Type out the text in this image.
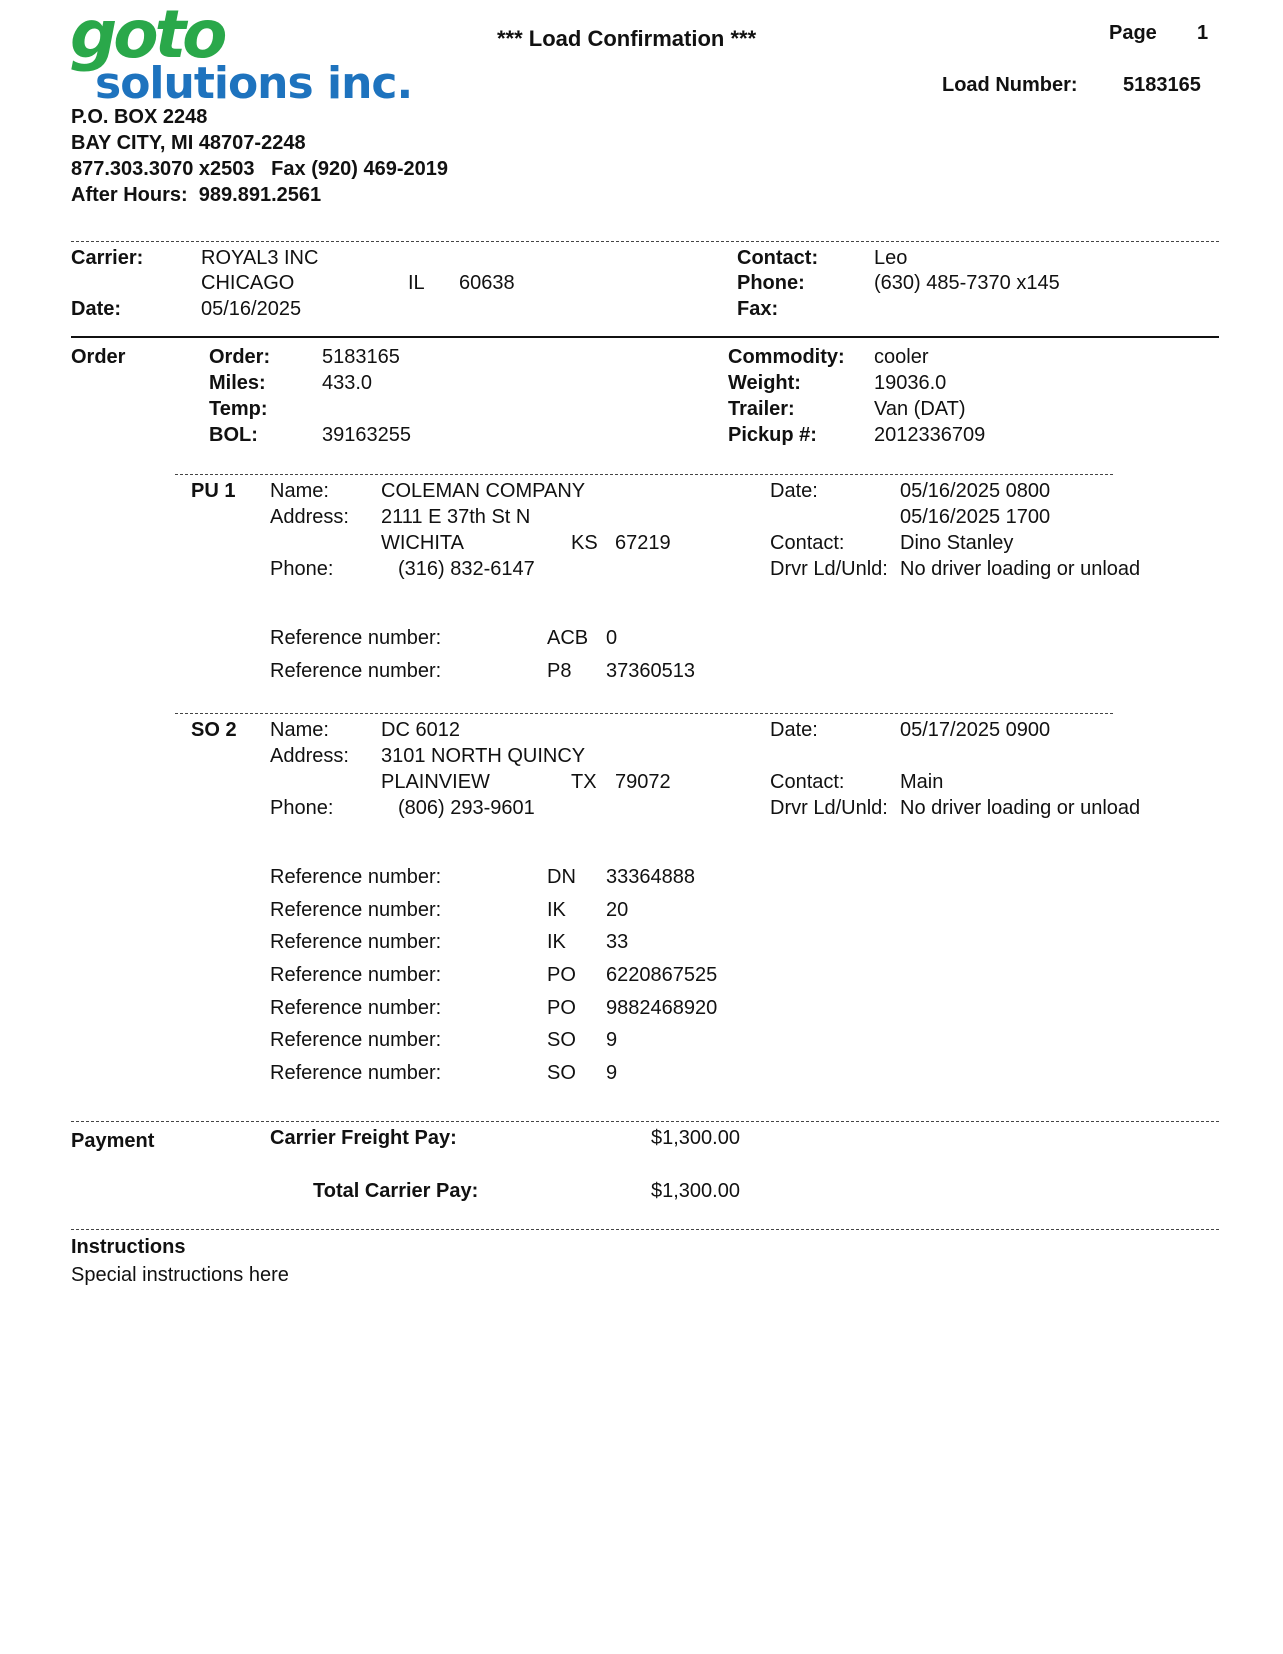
goto
solutions inc.
P.O. BOX 2248
BAY CITY, MI 48707-2248
877.303.3070 x2503   Fax (920) 469-2019
After Hours:  989.891.2561
*** Load Confirmation ***	Page 1
Load Number: 5183165
Carrier:	ROYAL3 INC
CHICAGO	IL 60638
Date:	05/16/2025
Contact:	Leo
Phone:	(630) 485-7370 x145
Fax:
Order	Order:	5183165
Miles:	433.0
Temp:
BOL:	39163255
Commodity: cooler
Weight:	19036.0
Trailer:	Van (DAT)
Pickup #:	2012336709
PU 1 Name:	COLEMAN COMPANY
Address: 2111 E 37th St N
WICHITA	KS 67219
Phone:	(316) 832-6147
Date:	05/16/2025 0800
05/16/2025 1700
Contact:	Dino Stanley
Drvr Ld/Unld: No driver loading or unload
Reference number:	ACB 0
Reference number:	P8 37360513
SO 2 Name:	DC 6012
Address: 3101 NORTH QUINCY
PLAINVIEW	TX 79072
Phone:	(806) 293-9601
Date:	05/17/2025 0900
Contact:	Main
Drvr Ld/Unld: No driver loading or unload
Reference number:	DN 33364888
Reference number:	IK 20
Reference number:	IK 33
Reference number:	PO 6220867525
Reference number:	PO 9882468920
Reference number:	SO 9
Reference number:	SO 9
Payment	Carrier Freight Pay:	$1,300.00
Total Carrier Pay:	$1,300.00
Instructions
Special instructions here
